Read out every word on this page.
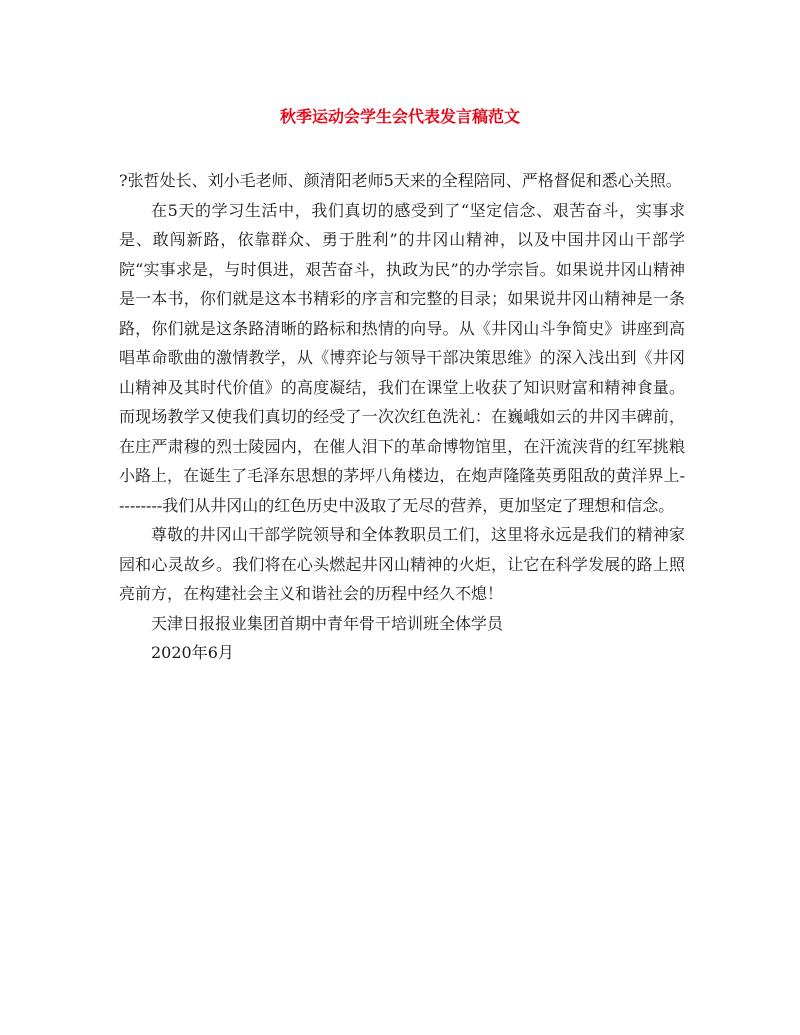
秋季运动会学生会代表发言稿范文

?张哲处长、刘小毛老师、颜清阳老师5天来的全程陪同、严格督促和悉心关照。

在5天的学习生活中，我们真切的感受到了“坚定信念、艰苦奋斗，实事求是、敢闯新路，依靠群众、勇于胜利”的井冈山精神，以及中国井冈山干部学院“实事求是，与时俱进，艰苦奋斗，执政为民”的办学宗旨。如果说井冈山精神是一本书，你们就是这本书精彩的序言和完整的目录；如果说井冈山精神是一条路，你们就是这条路清晰的路标和热情的向导。从《井冈山斗争简史》讲座到高唱革命歌曲的激情教学，从《博弈论与领导干部决策思维》的深入浅出到《井冈山精神及其时代价值》的高度凝结，我们在课堂上收获了知识财富和精神食量。而现场教学又使我们真切的经受了一次次红色洗礼：在巍峨如云的井冈丰碑前，在庄严肃穆的烈士陵园内，在催人泪下的革命博物馆里，在汗流浃背的红军挑粮小路上，在诞生了毛泽东思想的茅坪八角楼边，在炮声隆隆英勇阻敌的黄洋界上---------我们从井冈山的红色历史中汲取了无尽的营养，更加坚定了理想和信念。

尊敬的井冈山干部学院领导和全体教职员工们，这里将永远是我们的精神家园和心灵故乡。我们将在心头燃起井冈山精神的火炬，让它在科学发展的路上照亮前方，在构建社会主义和谐社会的历程中经久不熄！

天津日报报业集团首期中青年骨干培训班全体学员

2020年6月
